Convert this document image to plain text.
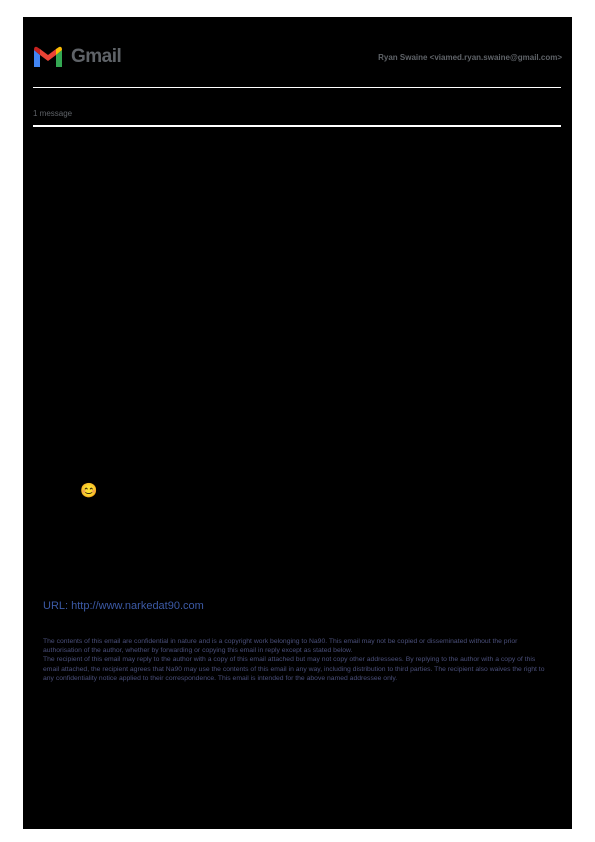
Gmail	Ryan Swaine <viamed.ryan.swaine@gmail.com>
1 message
😊
URL: http://www.narkedat90.com

The contents of this email are confidential in nature and is a copyright work belonging to Na90. This email may not be copied or disseminated without the prior authorisation of the author, whether by forwarding or copying this email in reply except as stated below.

The recipient of this email may reply to the author with a copy of this email attached but may not copy other addressees. By replying to the author with a copy of this email attached, the recipient agrees that Na90 may use the contents of this email in any way, including distribution to third parties. The recipient also waives the right to any confidentiality notice applied to their correspondence. This email is intended for the above named addressee only.
